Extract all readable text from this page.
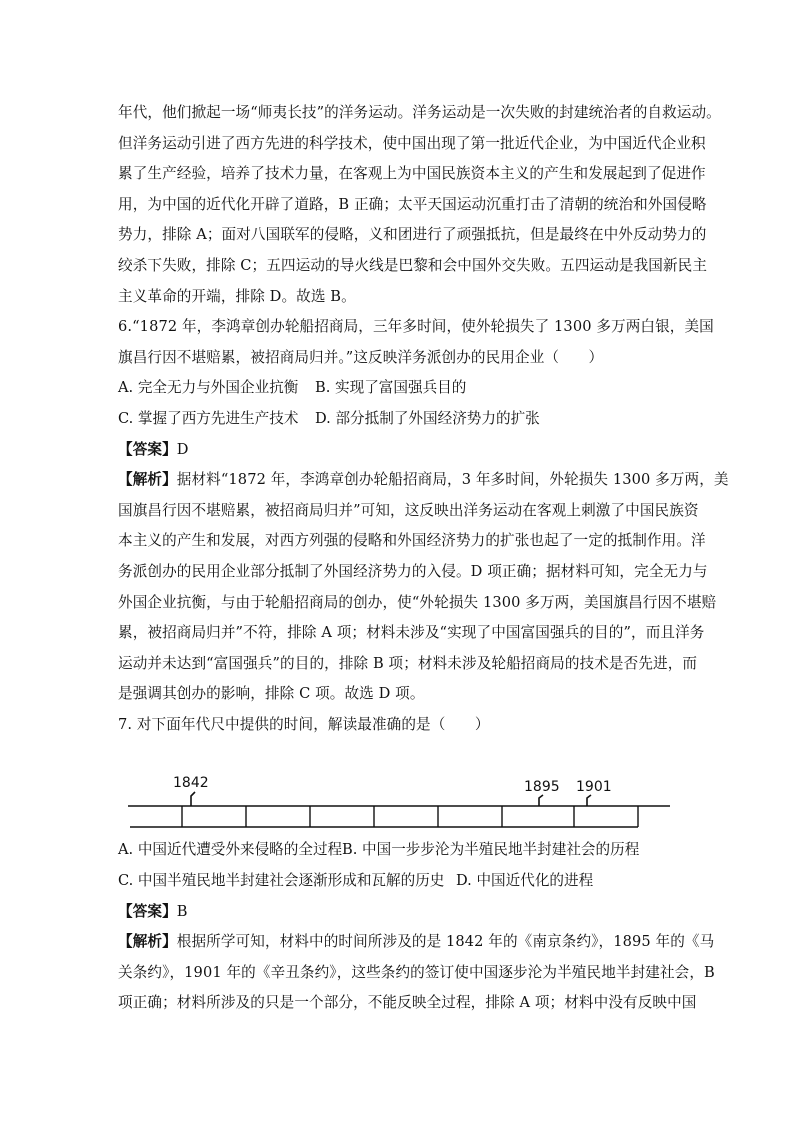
年代，他们掀起一场“师夷长技”的洋务运动。洋务运动是一次失败的封建统治者的自救运动。
但洋务运动引进了西方先进的科学技术，使中国出现了第一批近代企业，为中国近代企业积
累了生产经验，培养了技术力量，在客观上为中国民族资本主义的产生和发展起到了促进作
用，为中国的近代化开辟了道路，B 正确；太平天国运动沉重打击了清朝的统治和外国侵略
势力，排除 A；面对八国联军的侵略，义和团进行了顽强抵抗，但是最终在中外反动势力的
绞杀下失败，排除 C；五四运动的导火线是巴黎和会中国外交失败。五四运动是我国新民主
主义革命的开端，排除 D。故选 B。
6.“1872 年，李鸿章创办轮船招商局，三年多时间，使外轮损失了 1300 多万两白银，美国
旗昌行因不堪赔累，被招商局归并。”这反映洋务派创办的民用企业（　　）
A. 完全无力与外国企业抗衡 B. 实现了富国强兵目的
C. 掌握了西方先进生产技术 D. 部分抵制了外国经济势力的扩张
【答案】D
【解析】据材料“1872 年，李鸿章创办轮船招商局，3 年多时间，外轮损失 1300 多万两，美
国旗昌行因不堪赔累，被招商局归并”可知，这反映出洋务运动在客观上刺激了中国民族资
本主义的产生和发展，对西方列强的侵略和外国经济势力的扩张也起了一定的抵制作用。洋
务派创办的民用企业部分抵制了外国经济势力的入侵。D 项正确；据材料可知，完全无力与
外国企业抗衡，与由于轮船招商局的创办，使“外轮损失 1300 多万两，美国旗昌行因不堪赔
累，被招商局归并”不符，排除 A 项；材料未涉及“实现了中国富国强兵的目的”，而且洋务
运动并未达到“富国强兵”的目的，排除 B 项；材料未涉及轮船招商局的技术是否先进，而
是强调其创办的影响，排除 C 项。故选 D 项。
7. 对下面年代尺中提供的时间，解读最准确的是（　　）
1842	1895 1901
A. 中国近代遭受外来侵略的全过程B. 中国一步步沦为半殖民地半封建社会的历程
C. 中国半殖民地半封建社会逐渐形成和瓦解的历史 D. 中国近代化的进程
【答案】B
【解析】根据所学可知，材料中的时间所涉及的是 1842 年的《南京条约》，1895 年的《马
关条约》，1901 年的《辛丑条约》，这些条约的签订使中国逐步沦为半殖民地半封建社会，B
项正确；材料所涉及的只是一个部分，不能反映全过程，排除 A 项；材料中没有反映中国
